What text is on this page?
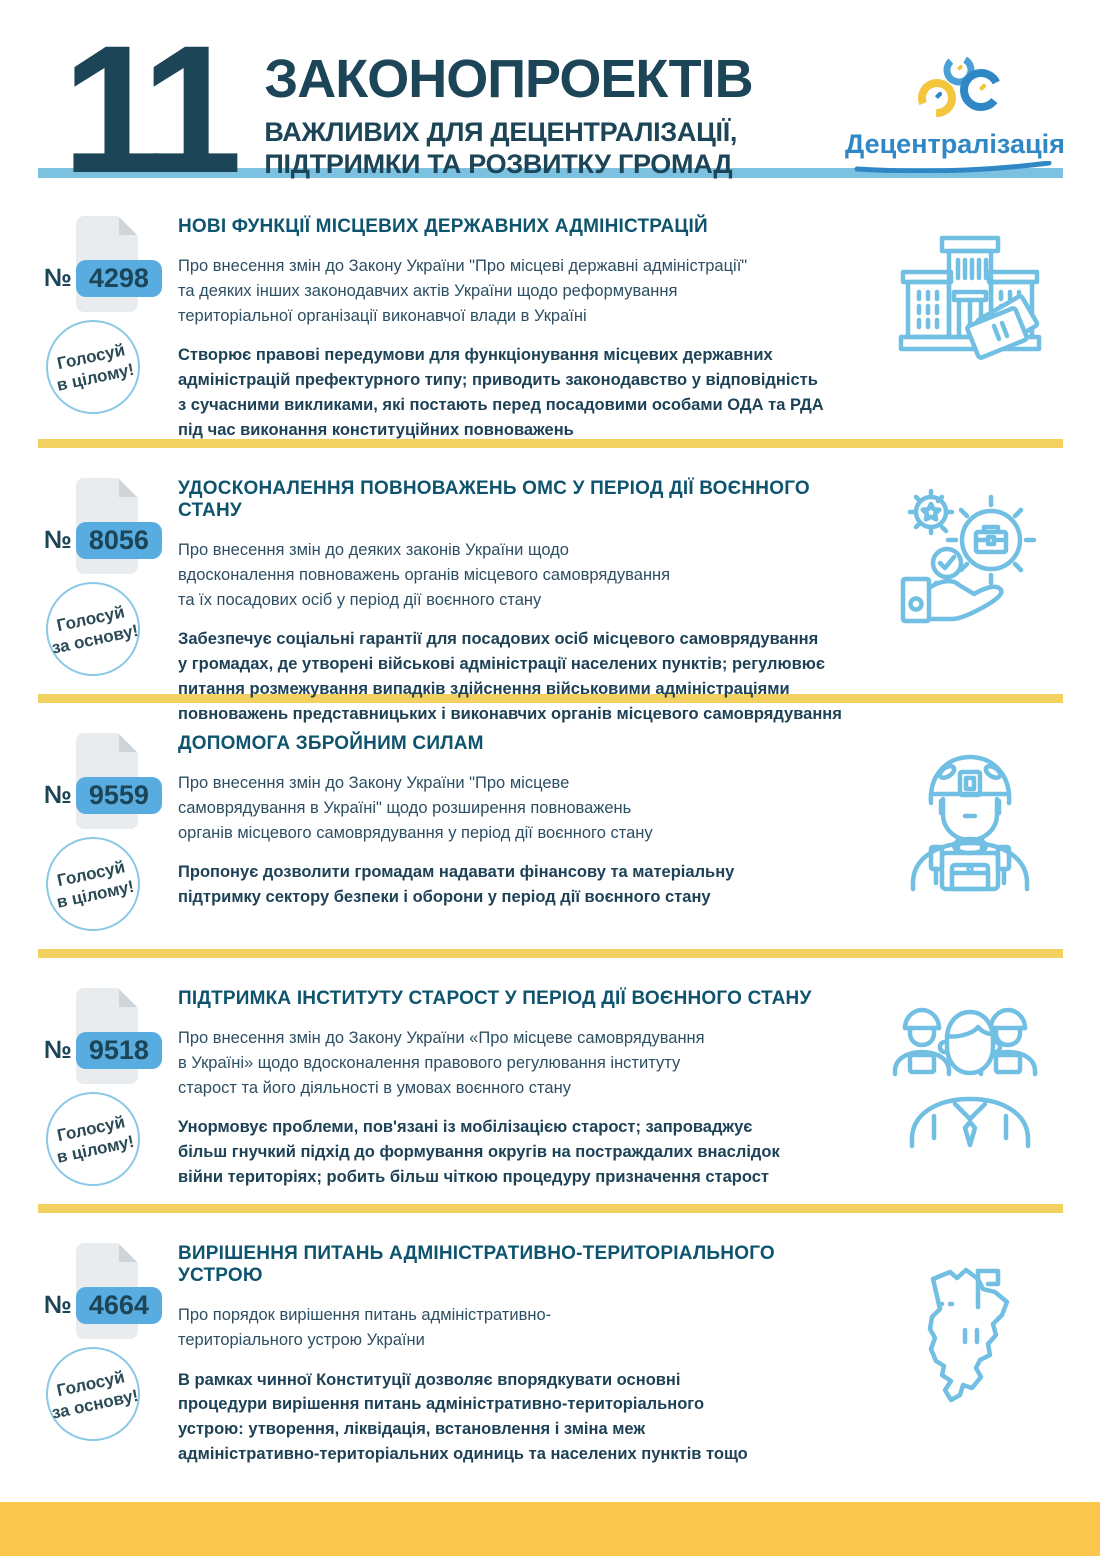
11 ЗАКОНОПРОЕКТІВ
ВАЖЛИВИХ ДЛЯ ДЕЦЕНТРАЛІЗАЦІЇ,
ПІДТРИМКИ ТА РОЗВИТКУ ГРОМАД
Децентралізація
№ 4298
Голосуй
в цілому!
НОВІ ФУНКЦІЇ МІСЦЕВИХ ДЕРЖАВНИХ АДМІНІСТРАЦІЙ
Про внесення змін до Закону України "Про місцеві державні адміністрації"
та деяких інших законодавчих актів України щодо реформування
територіальної організації виконавчої влади в Україні
Створює правові передумови для функціонування місцевих державних
адміністрацій префектурного типу; приводить законодавство у відповідність
з сучасними викликами, які постають перед посадовими особами ОДА та РДА
під час виконання конституційних повноважень
№ 8056
Голосуй
за основу!
УДОСКОНАЛЕННЯ ПОВНОВАЖЕНЬ ОМС У ПЕРІОД ДІЇ ВОЄННОГО СТАНУ
Про внесення змін до деяких законів України щодо
вдосконалення повноважень органів місцевого самоврядування
та їх посадових осіб у період дії воєнного стану
Забезпечує соціальні гарантії для посадових осіб місцевого самоврядування
у громадах, де утворені військові адміністрації населених пунктів; регулювює
питання розмежування випадків здійснення військовими адміністраціями
повноважень представницьких і виконавчих органів місцевого самоврядування
№ 9559
Голосуй
в цілому!
ДОПОМОГА ЗБРОЙНИМ СИЛАМ
Про внесення змін до Закону України "Про місцеве
самоврядування в Україні" щодо розширення повноважень
органів місцевого самоврядування у період дії воєнного стану
Пропонує дозволити громадам надавати фінансову та матеріальну
підтримку сектору безпеки і оборони у період дії воєнного стану
№ 9518
Голосуй
в цілому!
ПІДТРИМКА ІНСТИТУТУ СТАРОСТ У ПЕРІОД ДІЇ ВОЄННОГО СТАНУ
Про внесення змін до Закону України «Про місцеве самоврядування
в Україні» щодо вдосконалення правового регулювання інституту
старост та його діяльності в умовах воєнного стану
Унормовує проблеми, пов'язані із мобілізацією старост; запроваджує
більш гнучкий підхід до формування округів на постраждалих внаслідок
війни територіях; робить більш чіткою процедуру призначення старост
№ 4664
Голосуй
за основу!
ВИРІШЕННЯ ПИТАНЬ АДМІНІСТРАТИВНО-ТЕРИТОРІАЛЬНОГО УСТРОЮ
Про порядок вирішення питань адміністративно-
територіального устрою України
В рамках чинної Конституції дозволяє впорядкувати основні
процедури вирішення питань адміністративно-територіального
устрою: утворення, ліквідація, встановлення і зміна меж
адміністративно-територіальних одиниць та населених пунктів тощо
